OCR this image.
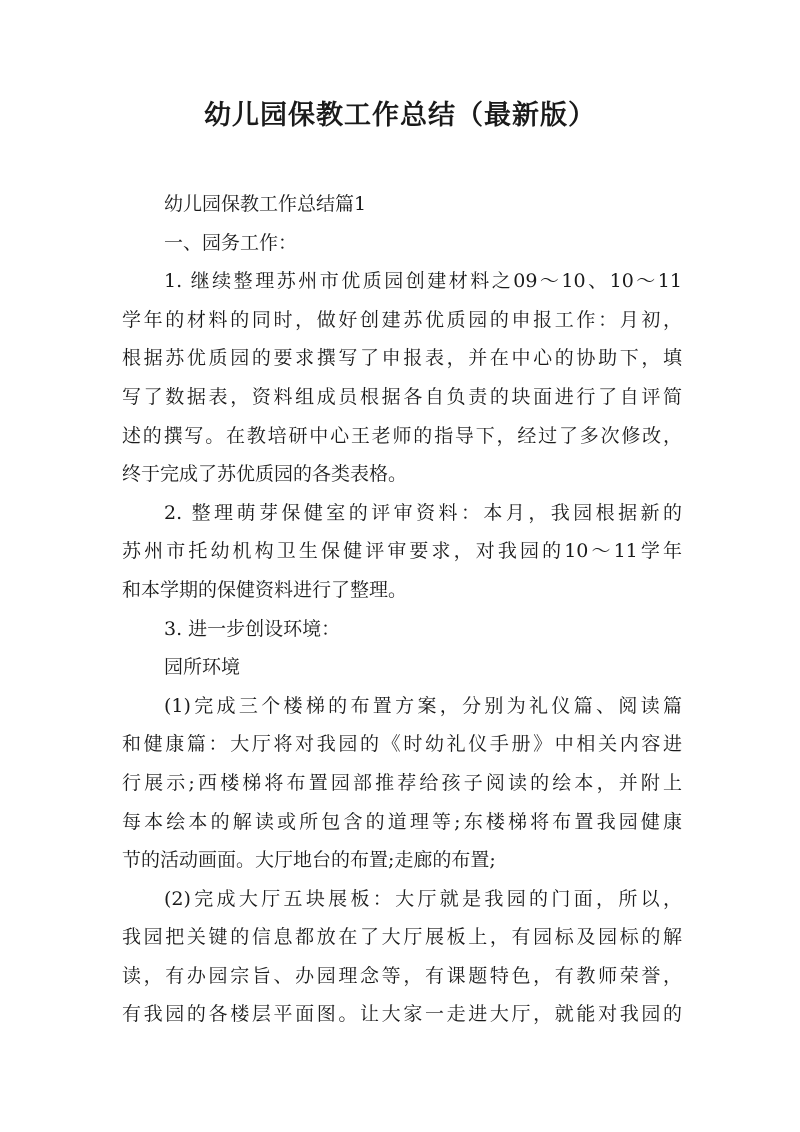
幼儿园保教工作总结（最新版）
幼儿园保教工作总结篇1
一、园务工作：
1. 继续整理苏州市优质园创建材料之09～10、10～11
学年的材料的同时，做好创建苏优质园的申报工作：月初，
根据苏优质园的要求撰写了申报表，并在中心的协助下，填
写了数据表，资料组成员根据各自负责的块面进行了自评简
述的撰写。在教培研中心王老师的指导下，经过了多次修改，
终于完成了苏优质园的各类表格。
2. 整理萌芽保健室的评审资料：本月，我园根据新的
苏州市托幼机构卫生保健评审要求，对我园的10～11学年
和本学期的保健资料进行了整理。
3. 进一步创设环境：
园所环境
(1)完成三个楼梯的布置方案，分别为礼仪篇、阅读篇
和健康篇：大厅将对我园的《时幼礼仪手册》中相关内容进
行展示;西楼梯将布置园部推荐给孩子阅读的绘本，并附上
每本绘本的解读或所包含的道理等;东楼梯将布置我园健康
节的活动画面。大厅地台的布置;走廊的布置;
(2)完成大厅五块展板：大厅就是我园的门面，所以，
我园把关键的信息都放在了大厅展板上，有园标及园标的解
读，有办园宗旨、办园理念等，有课题特色，有教师荣誉，
有我园的各楼层平面图。让大家一走进大厅，就能对我园的
